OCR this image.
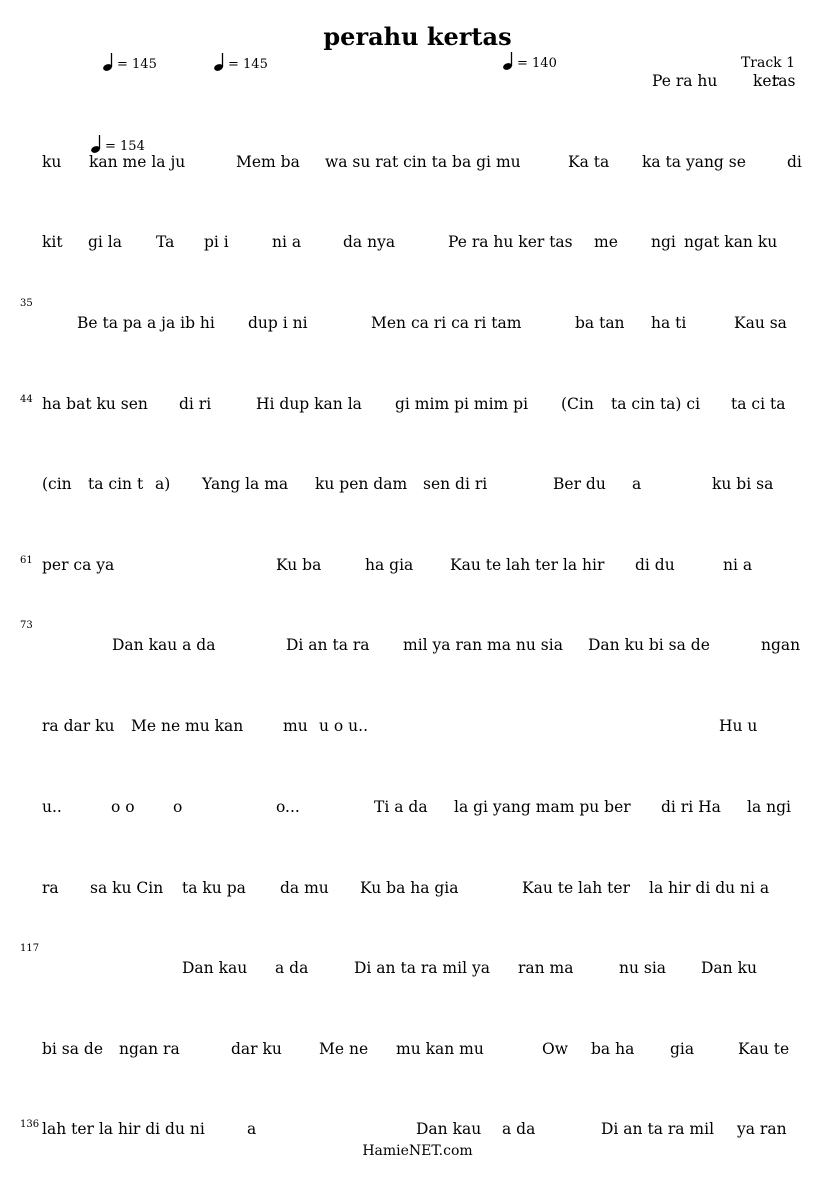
perahu kertas
Track 1
= 145	= 145	= 140
= 154
35
44
61
73
117
136
Pe ra hu ker
tas
ku kan me la ju	Mem ba wa su rat cin ta ba gi mu	Ka ta ka ta yang se	di
kit gi la Ta pi i	ni a	da nya	Pe ra hu ker tas me ngi ngat kan ku
Be ta pa a ja ib hi dup i ni	Men ca ri ca ri tam	ba tan ha ti	Kau sa
ha bat ku sen di ri	Hi dup kan la gi mim pi mim pi (Cin ta cin ta) ci ta ci ta
(cin ta cin t a) Yang la ma ku pen dam sen di ri	Ber du a	ku bi sa
per ca ya	Ku ba	ha gia Kau te lah ter la hir di du	ni a
Dan kau a da	Di an ta ra mil ya ran ma nu sia Dan ku bi sa de	ngan
ra dar ku Me ne mu kan	mu u o u..	Hu u
u..	o o o	o...	Ti a da la gi yang mam pu ber di ri Ha la ngi
ra sa ku Cin ta ku pa da mu Ku ba ha gia	Kau te lah ter la hir di du ni a
Dan kau a da	Di an ta ra mil ya ran ma	nu sia Dan ku
bi sa de ngan ra	dar ku Me ne mu kan mu	Ow ba ha gia	Kau te
lah ter la hir di du ni	a	Dan kau a da	Di an ta ra mil ya ran
HamieNET.com
